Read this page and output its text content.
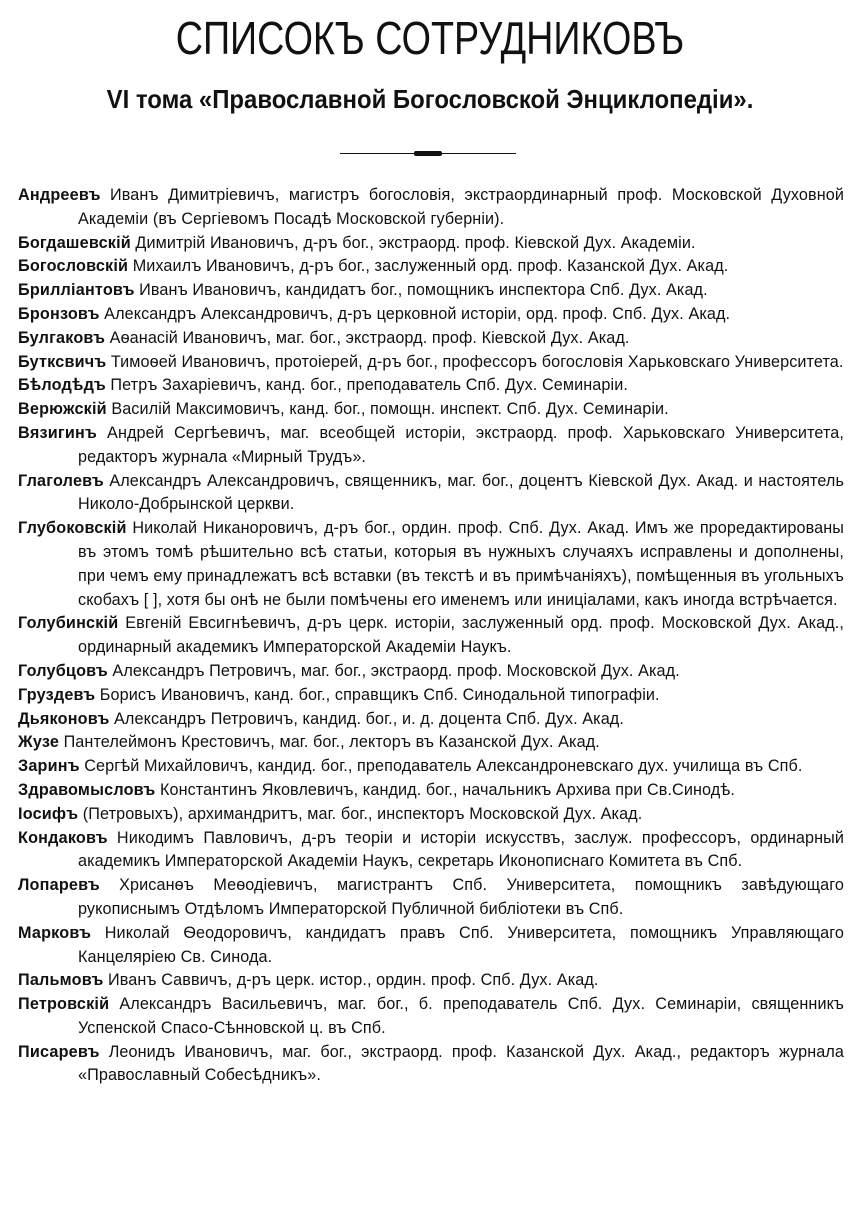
СПИСОКЪ СОТРУДНИКОВЪ
VI тома «Православной Богословской Энциклопедіи».

Андреевъ Иванъ Димитріевичъ, магистръ богословія, экстраординарный проф. Московской Духовной Академіи (въ Сергіевомъ Посадѣ Московской губерніи).

Богдашевскій Димитрій Ивановичъ, д-ръ бог., экстраорд. проф. Кіевской Дух. Академіи.

Богословскій Михаилъ Ивановичъ, д-ръ бог., заслуженный орд. проф. Казанской Дух. Акад.

Бриллiантовъ Иванъ Ивановичъ, кандидатъ бог., помощникъ инспектора Спб. Дух. Акад.

Бронзовъ Александръ Александровичъ, д-ръ церковной исторіи, орд. проф. Спб. Дух. Акад.

Булгаковъ Аѳанасій Ивановичъ, маг. бог., экстраорд. проф. Кіевской Дух. Акад.

Бутксвичъ Тимоѳей Ивановичъ, протоіерей, д-ръ бог., профессоръ богословія Харьковскаго Университета.

Бѣлодѣдъ Петръ Захаріевичъ, канд. бог., преподаватель Спб. Дух. Семинаріи.

Верюжскій Василій Максимовичъ, канд. бог., помощн. инспект. Спб. Дух. Семинаріи.

Вязигинъ Андрей Сергѣевичъ, маг. всеобщей исторіи, экстраорд. проф. Харьковскаго Университета, редакторъ журнала «Мирный Трудъ».

Глаголевъ Александръ Александровичъ, священникъ, маг. бог., доцентъ Кіевской Дух. Акад. и настоятель Николо-Добрынской церкви.

Глубоковскій Николай Никаноровичъ, д-ръ бог., ордин. проф. Спб. Дух. Акад. Имъ же проредактированы въ этомъ томѣ рѣшительно всѣ статьи, которыя въ нужныхъ случаяхъ исправлены и дополнены, при чемъ ему принадлежатъ всѣ вставки (въ текстѣ и въ примѣчаніяхъ), помѣщенныя въ угольныхъ скобахъ [ ], хотя бы онѣ не были помѣчены его именемъ или иниціалами, какъ иногда встрѣчается.

Голубинскій Евгеній Евсигнѣевичъ, д-ръ церк. исторіи, заслуженный орд. проф. Московской Дух. Акад., ординарный академикъ Императорской Академіи Наукъ.

Голубцовъ Александръ Петровичъ, маг. бог., экстраорд. проф. Московской Дух. Акад.

Груздевъ Борисъ Ивановичъ, канд. бог., справщикъ Спб. Синодальной типографіи.

Дьяконовъ Александръ Петровичъ, кандид. бог., и. д. доцента Спб. Дух. Акад.

Жузе Пантелеймонъ Крестовичъ, маг. бог., лекторъ въ Казанской Дух. Акад.

Заринъ Сергѣй Михайловичъ, кандид. бог., преподаватель Александроневскаго дух. училища въ Спб.

Здравомысловъ Константинъ Яковлевичъ, кандид. бог., начальникъ Архива при Св.Синодѣ.

Іосифъ (Петровыхъ), архимандритъ, маг. бог., инспекторъ Московской Дух. Акад.

Кондаковъ Никодимъ Павловичъ, д-ръ теоріи и исторіи искусствъ, заслуж. профессоръ, ординарный академикъ Императорской Академіи Наукъ, секретарь Иконописнаго Комитета въ Спб.

Лопаревъ Хрисанѳъ Меѳодіевичъ, магистрантъ Спб. Университета, помощникъ завѣдующаго рукописнымъ Отдѣломъ Императорской Публичной библіотеки въ Спб.

Марковъ Николай Ѳеодоровичъ, кандидатъ правъ Спб. Университета, помощникъ Управляющаго Канцеляріею Св. Синода.

Пальмовъ Иванъ Саввичъ, д-ръ церк. истор., ордин. проф. Спб. Дух. Акад.

Петровскій Александръ Васильевичъ, маг. бог., б. преподаватель Спб. Дух. Семинаріи, священникъ Успенской Спасо-Сѣнновской ц. въ Спб.

Писаревъ Леонидъ Ивановичъ, маг. бог., экстраорд. проф. Казанской Дух. Акад., редакторъ журнала «Православный Собесѣдникъ».
